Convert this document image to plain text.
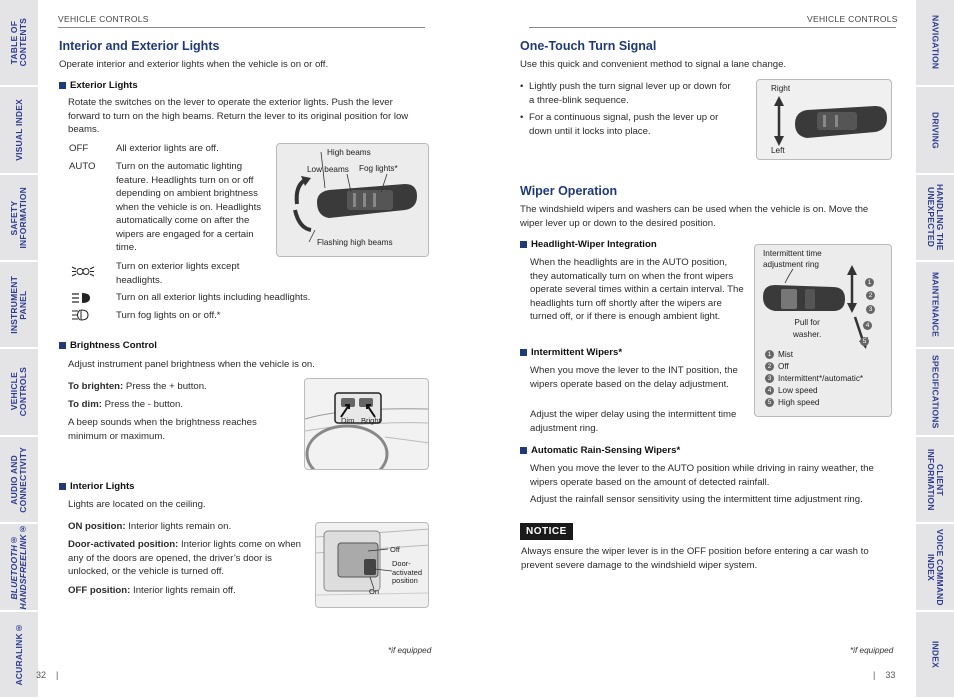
TABLE OF
CONTENTS
VISUAL INDEX
SAFETY
INFORMATION
INSTRUMENT
PANEL
VEHICLE
CONTROLS
AUDIO AND
CONNECTIVITY
BLUETOOTH®
HANDSFREELINK®
ACURALINK®
NAVIGATION
DRIVING
HANDLING THE
UNEXPECTED
MAINTENANCE
SPECIFICATIONS
CLIENT
INFORMATION
VOICE COMMAND
INDEX
INDEX
VEHICLE CONTROLS
Interior and Exterior Lights
Operate interior and exterior lights when the vehicle is on or off.
Exterior Lights
Rotate the switches on the lever to operate the exterior lights. Push the lever forward to turn on the high beams. Return the lever to its original position for low beams.
OFF	All exterior lights are off.
AUTO Turn on the automatic lighting feature. Headlights turn on or off depending on ambient brightness when the vehicle is on. Headlights automatically come on after the wipers are engaged for a certain time.
Turn on exterior lights except headlights.
Turn on all exterior lights including headlights.
Turn fog lights on or off.*
High beams
Low beams Fog lights*
Flashing high beams
Brightness Control
Adjust instrument panel brightness when the vehicle is on.
To brighten: Press the + button.
To dim: Press the - button.
A beep sounds when the brightness reaches minimum or maximum.
Dim Bright
Interior Lights
Lights are located on the ceiling.
ON position: Interior lights remain on.
Door-activated position: Interior lights come on when any of the doors are opened, the driver’s door is unlocked, or the vehicle is turned off.
OFF position: Interior lights remain off.
Off
Door-
activated
position
On
*if equipped
32    |
VEHICLE CONTROLS
One-Touch Turn Signal
Use this quick and convenient method to signal a lane change.
• Lightly push the turn signal lever up or down for a three-blink sequence.
• For a continuous signal, push the lever up or down until it locks into place.
Right
Left
Wiper Operation
The windshield wipers and washers can be used when the vehicle is on. Move the wiper lever up or down to the desired position.
Headlight-Wiper Integration
When the headlights are in the AUTO position, they automatically turn on when the front wipers operate several times within a certain interval. The headlights turn off shortly after the wipers are turned off, or if there is enough ambient light.
Intermittent Wipers*
When you move the lever to the INT position, the wipers operate based on the delay adjustment.
Adjust the wiper delay using the intermittent time adjustment ring.
Automatic Rain-Sensing Wipers*
When you move the lever to the AUTO position while driving in rainy weather, the wipers operate based on the amount of detected rainfall.
Adjust the rainfall sensor sensitivity using the intermittent time adjustment ring.
Intermittent time
adjustment ring
Pull for
washer.
1
2
3
4
5
1 Mist
2 Off
3 Intermittent*/automatic*
4 Low speed
5 High speed
NOTICE
Always ensure the wiper lever is in the OFF position before entering a car wash to prevent severe damage to the windshield wiper system.
*if equipped
|    33
